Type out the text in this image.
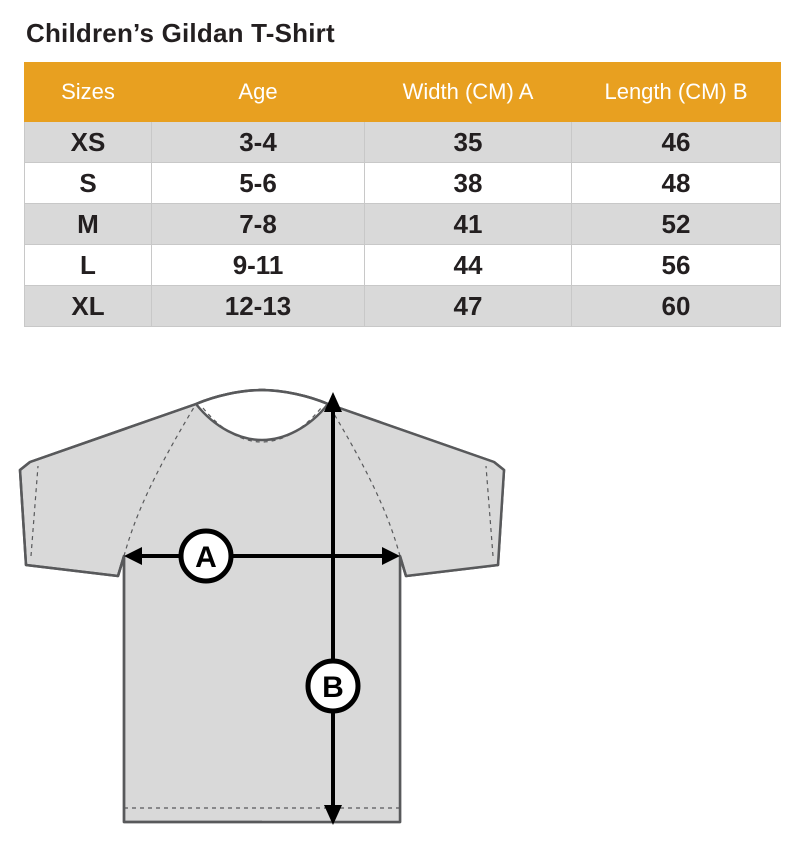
Children’s Gildan T-Shirt
Sizes	Age	Width (CM) A	Length (CM) B
XS	3-4	35	46
S	5-6	38	48
M	7-8	41	52
L	9-11	44	56
XL	12-13	47	60
A
B
